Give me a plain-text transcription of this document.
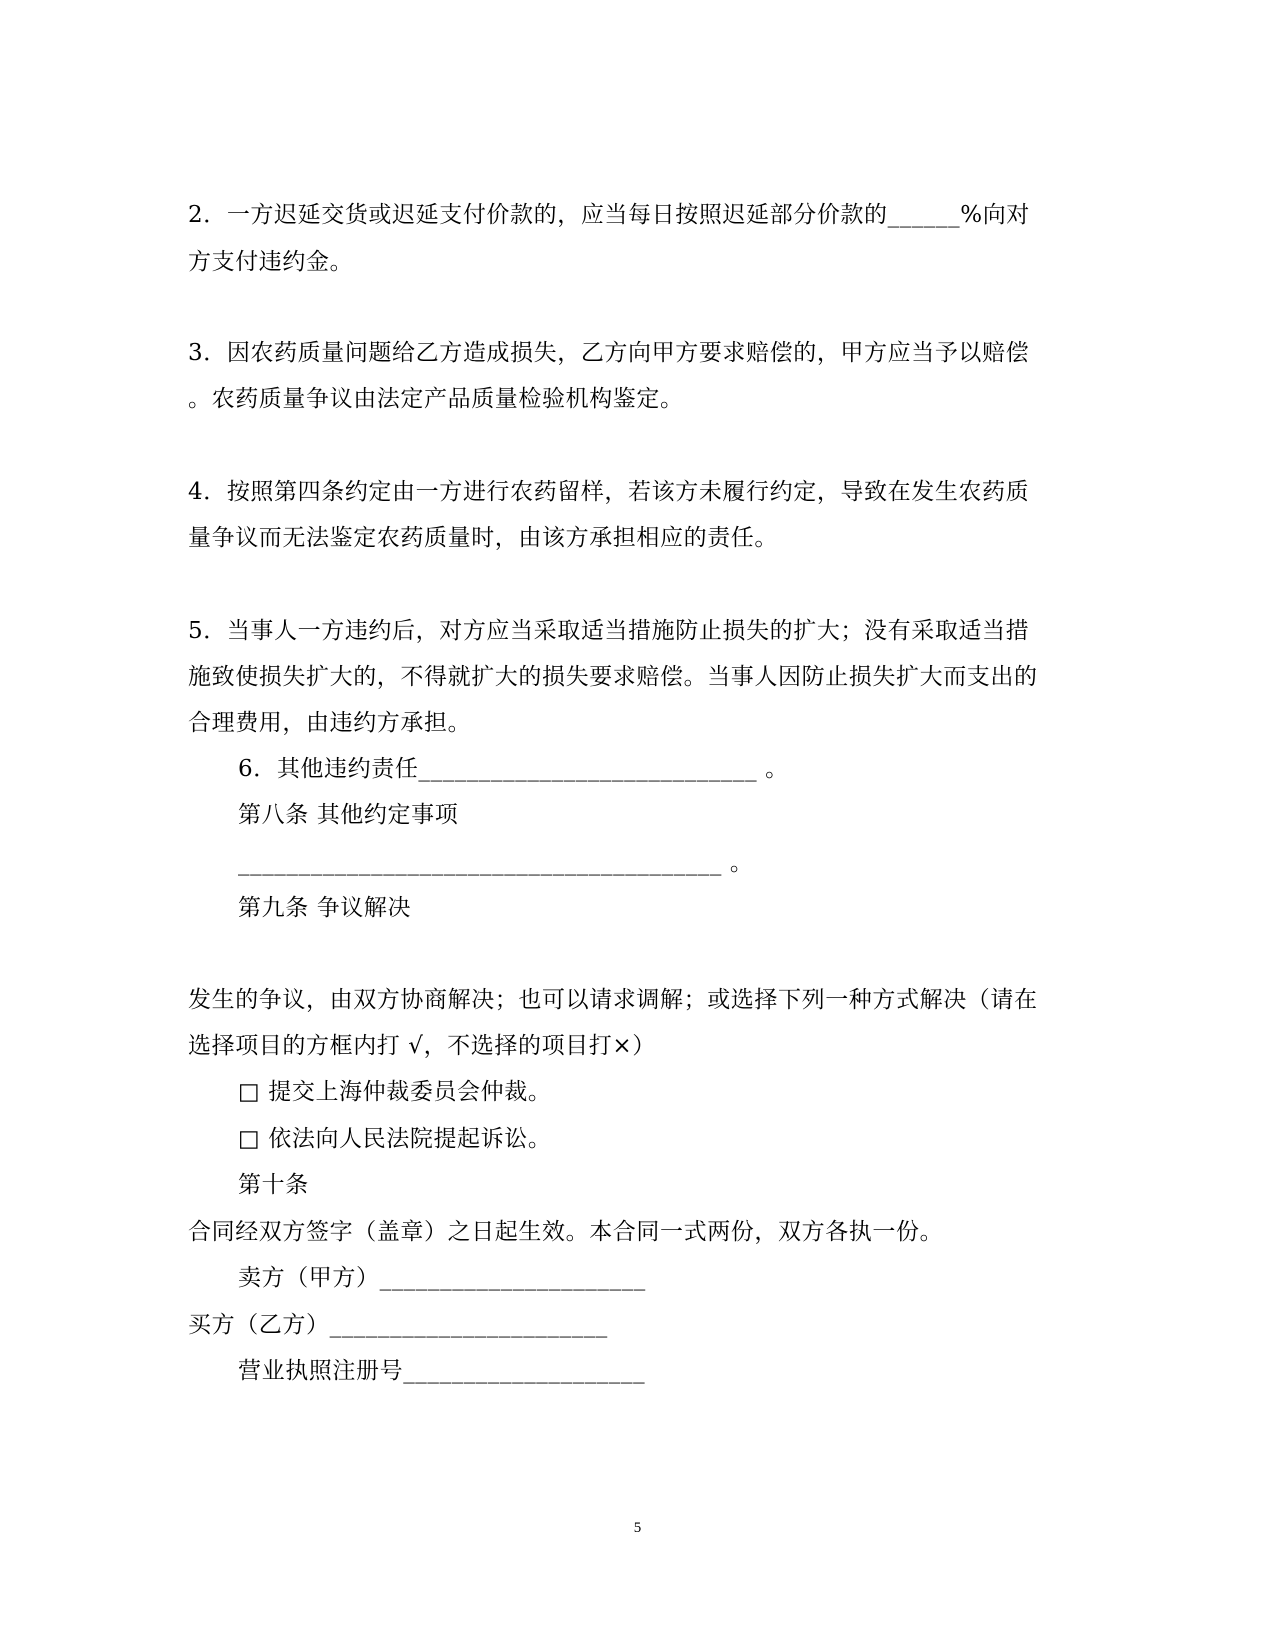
2．一方迟延交货或迟延支付价款的，应当每日按照迟延部分价款的______%向对
方支付违约金。
3．因农药质量问题给乙方造成损失，乙方向甲方要求赔偿的，甲方应当予以赔偿
。农药质量争议由法定产品质量检验机构鉴定。
4．按照第四条约定由一方进行农药留样，若该方未履行约定，导致在发生农药质
量争议而无法鉴定农药质量时，由该方承担相应的责任。
5．当事人一方违约后，对方应当采取适当措施防止损失的扩大；没有采取适当措
施致使损失扩大的，不得就扩大的损失要求赔偿。当事人因防止损失扩大而支出的
合理费用，由违约方承担。
6．其他违约责任____________________________ 。
第八条 其他约定事项
________________________________________ 。
第九条 争议解决
发生的争议，由双方协商解决；也可以请求调解；或选择下列一种方式解决（请在
选择项目的方框内打 √，不选择的项目打×）
□ 提交上海仲裁委员会仲裁。
□ 依法向人民法院提起诉讼。
第十条
合同经双方签字（盖章）之日起生效。本合同一式两份，双方各执一份。
卖方（甲方）______________________
买方（乙方）_______________________
营业执照注册号____________________
5
